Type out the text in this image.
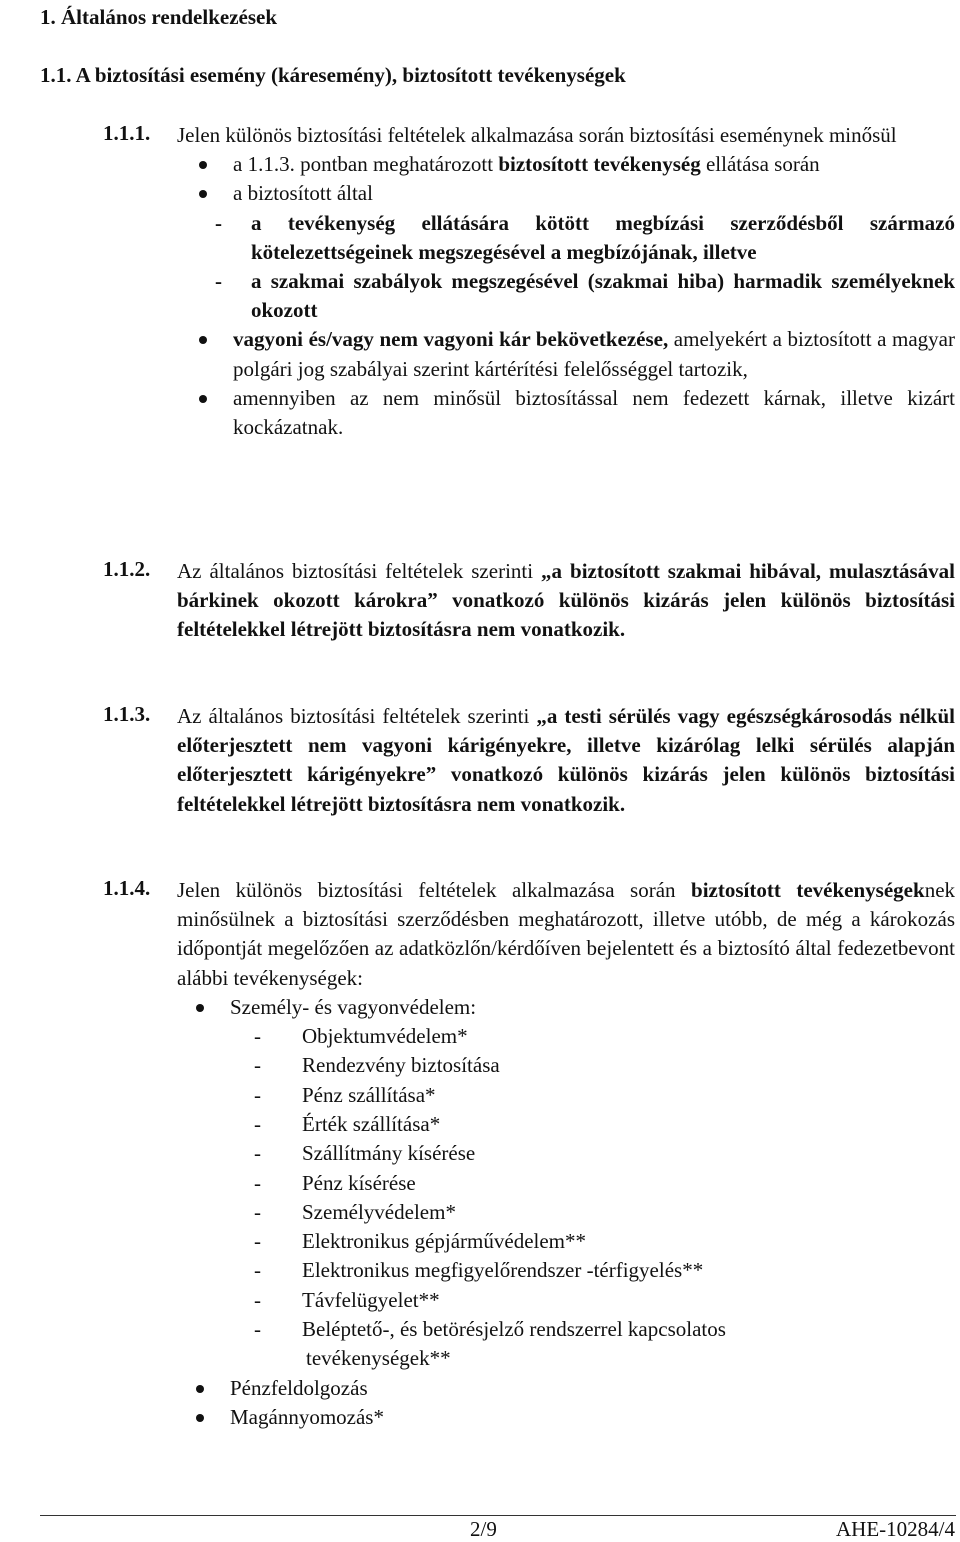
1. Általános rendelkezések
1.1. A biztosítási esemény (káresemény), biztosított tevékenységek
1.1.1.	Jelen különös biztosítási feltételek alkalmazása során biztosítási eseménynek minősül

a 1.1.3. pontban meghatározott biztosított tevékenység ellátása során
a biztosított által
- a tevékenység ellátására kötött megbízási szerződésből származó kötelezettségeinek megszegésével a megbízójának, illetve
- a szakmai szabályok megszegésével (szakmai hiba) harmadik személyeknek okozott
vagyoni és/vagy nem vagyoni kár bekövetkezése, amelyekért a biztosított a magyar polgári jog szabályai szerint kártérítési felelősséggel tartozik,
amennyiben az nem minősül biztosítással nem fedezett kárnak, illetve kizárt kockázatnak.
1.1.2.	Az általános biztosítási feltételek szerinti „a biztosított szakmai hibával, mulasztásával bárkinek okozott károkra” vonatkozó különös kizárás jelen különös biztosítási feltételekkel létrejött biztosításra nem vonatkozik.

1.1.3.	Az általános biztosítási feltételek szerinti „a testi sérülés vagy egészségkárosodás nélkül előterjesztett nem vagyoni kárigényekre, illetve kizárólag lelki sérülés alapján előterjesztett kárigényekre” vonatkozó különös kizárás jelen különös biztosítási feltételekkel létrejött biztosításra nem vonatkozik.

1.1.4.	Jelen különös biztosítási feltételek alkalmazása során biztosított tevékenységeknek minősülnek a biztosítási szerződésben meghatározott, illetve utóbb, de még a károkozás időpontját megelőzően az adatközlőn/kérdőíven bejelentett és a biztosító által fedezetbevont alábbi tevékenységek:

Személy- és vagyonvédelem:
- Objektumvédelem*
- Rendezvény biztosítása
- Pénz szállítása*
- Érték szállítása*
- Szállítmány kísérése
- Pénz kísérése
- Személyvédelem*
- Elektronikus gépjárművédelem**
- Elektronikus megfigyelőrendszer -térfigyelés**
- Távfelügyelet**
- Beléptető-, és betörésjelző rendszerrel kapcsolatos
tevékenységek**
Pénzfeldolgozás
Magánnyomozás*
2/9	AHE-10284/4
